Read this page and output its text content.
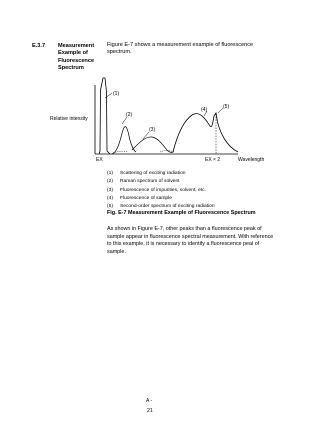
E.3.7 Measurement Example of Fluorescence Spectrum
Figure E-7 shows a measurement example of fluorescence spectrum.
Relative intensity
(1)
(2)
(3)
(4)	(5)
EX	EX × 2	Wavelength
(1) Scattering of exciting radiation
(2) Raman spectrum of solvent
(3) Fluorescence of impurities, solvent, etc.
(4) Fluorescence of sample
(5) Second-order spectrum of exciting radiation
Fig. E-7 Measurement Example of Fluorescence Spectrum
As shown in Figure E-7, other peaks than a fluorescence peak of sample appear in fluorescence spectral measurement. With reference to this example, it is necessary to identify a fluorescence peal of sample.
A -
21
